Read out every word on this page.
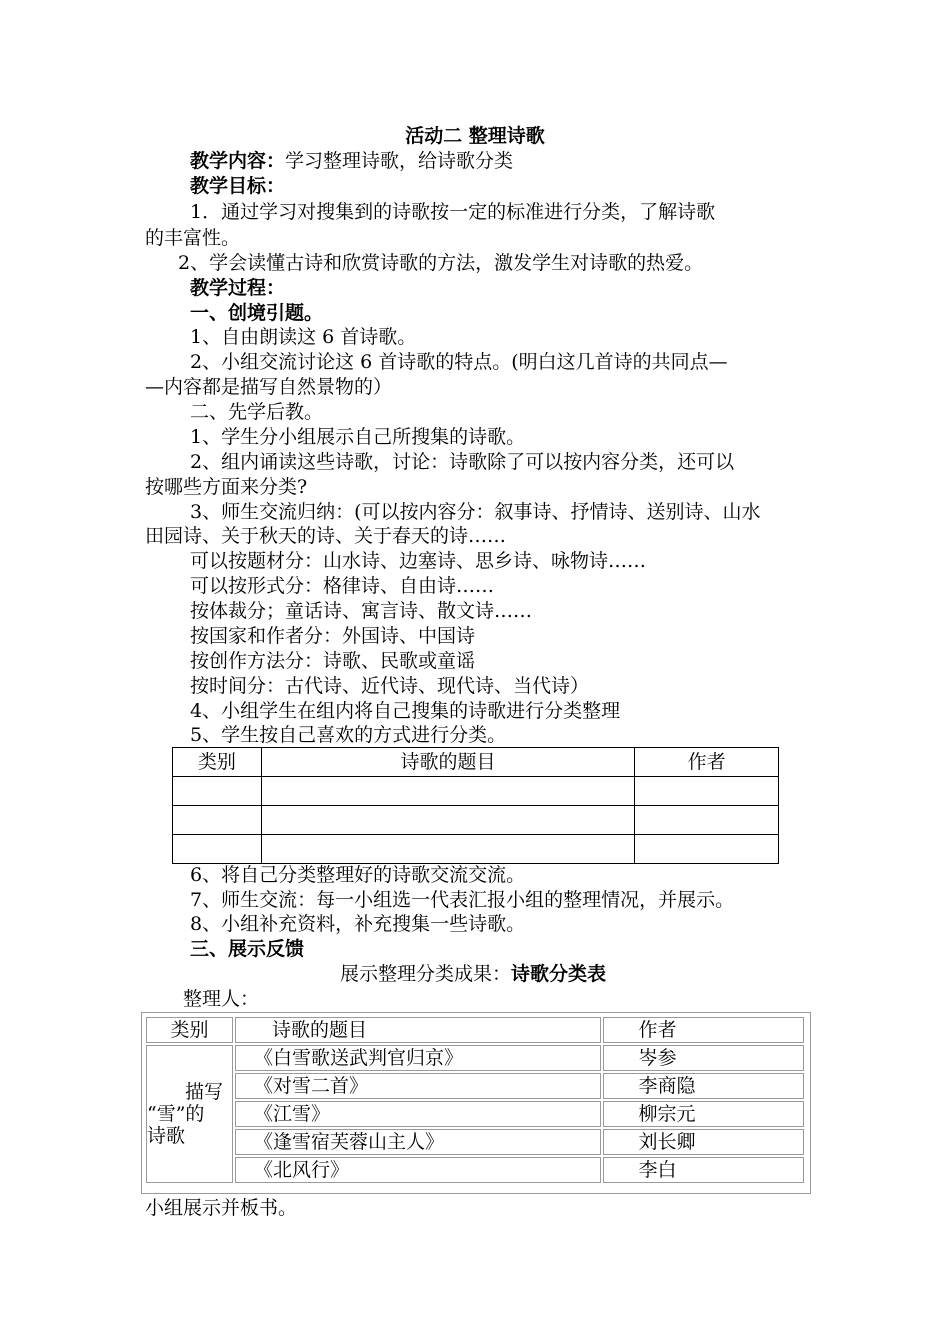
活动二 整理诗歌
教学内容：学习整理诗歌，给诗歌分类
教学目标：
1．通过学习对搜集到的诗歌按一定的标准进行分类，了解诗歌
的丰富性。
2、学会读懂古诗和欣赏诗歌的方法，激发学生对诗歌的热爱。
教学过程：
一、创境引题。
1、自由朗读这 6 首诗歌。
2、小组交流讨论这 6 首诗歌的特点。(明白这几首诗的共同点—
—内容都是描写自然景物的）
二、先学后教。
1、学生分小组展示自己所搜集的诗歌。
2、组内诵读这些诗歌，讨论：诗歌除了可以按内容分类，还可以
按哪些方面来分类?
3、师生交流归纳：(可以按内容分：叙事诗、抒情诗、送别诗、山水
田园诗、关于秋天的诗、关于春天的诗……
可以按题材分：山水诗、边塞诗、思乡诗、咏物诗……
可以按形式分：格律诗、自由诗……
按体裁分；童话诗、寓言诗、散文诗……
按国家和作者分：外国诗、中国诗
按创作方法分：诗歌、民歌或童谣
按时间分：古代诗、近代诗、现代诗、当代诗）
4、小组学生在组内将自己搜集的诗歌进行分类整理
5、学生按自己喜欢的方式进行分类。
类别	诗歌的题目	作者

6、将自己分类整理好的诗歌交流交流。
7、师生交流：每一小组选一代表汇报小组的整理情况，并展示。
8、小组补充资料，补充搜集一些诗歌。
三、展示反馈
展示整理分类成果：诗歌分类表
整理人：
类别	诗歌的题目	作者

描写
“雪”的
诗歌	《白雪歌送武判官归京》	岑参
	《对雪二首》	李商隐
	《江雪》	柳宗元
	《逢雪宿芙蓉山主人》	刘长卿
	《北风行》	李白
小组展示并板书。
